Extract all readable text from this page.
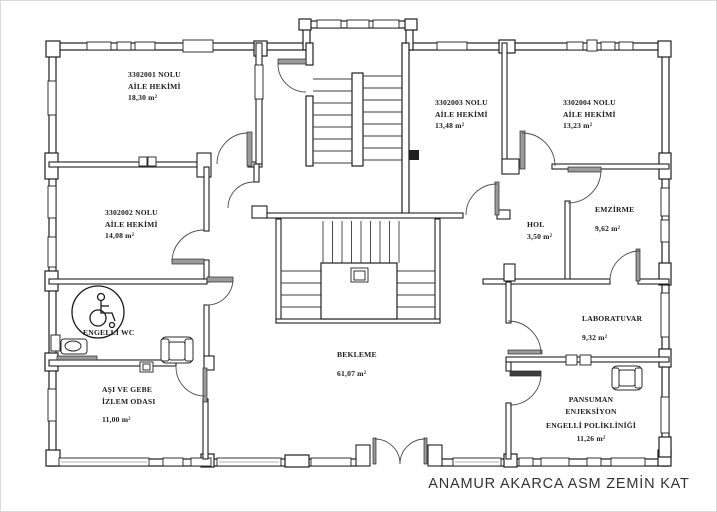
3302001 NOLU
AİLE HEKİMİ
18,30 m²
3302002 NOLU
AİLE HEKİMİ
14,08 m²
3302003 NOLU
AİLE HEKİMİ
13,48 m²
3302004 NOLU
AİLE HEKİMİ
13,23 m²
HOL
3,50 m²
EMZİRME
9,62 m²
LABORATUVAR
9,32 m²
BEKLEME
61,07 m²
ENGELLİ WC
AŞI VE GEBE
İZLEM ODASI
11,00 m²
PANSUMAN
ENJEKSİYON
ENGELLİ POLİKLİNİĞİ
11,26 m²
ANAMUR AKARCA ASM ZEMİN KAT
